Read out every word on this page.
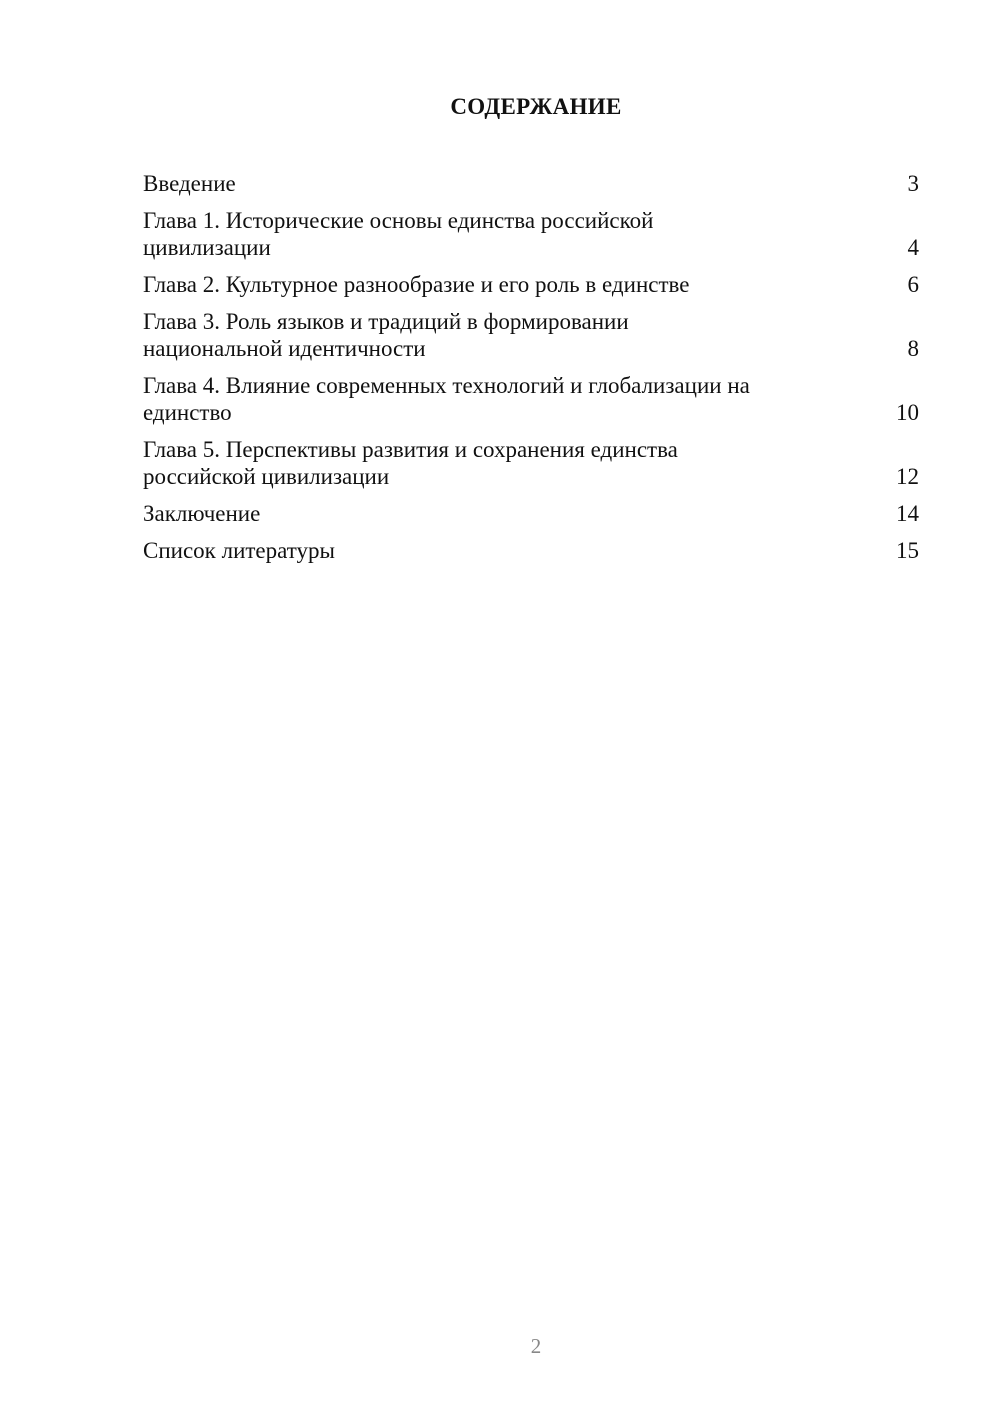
СОДЕРЖАНИЕ
Введение	3
Глава 1. Исторические основы единства российской
цивилизации	4
Глава 2. Культурное разнообразие и его роль в единстве	6
Глава 3. Роль языков и традиций в формировании
национальной идентичности	8
Глава 4. Влияние современных технологий и глобализации на
единство	10
Глава 5. Перспективы развития и сохранения единства
российской цивилизации	12
Заключение	14
Список литературы	15
2
